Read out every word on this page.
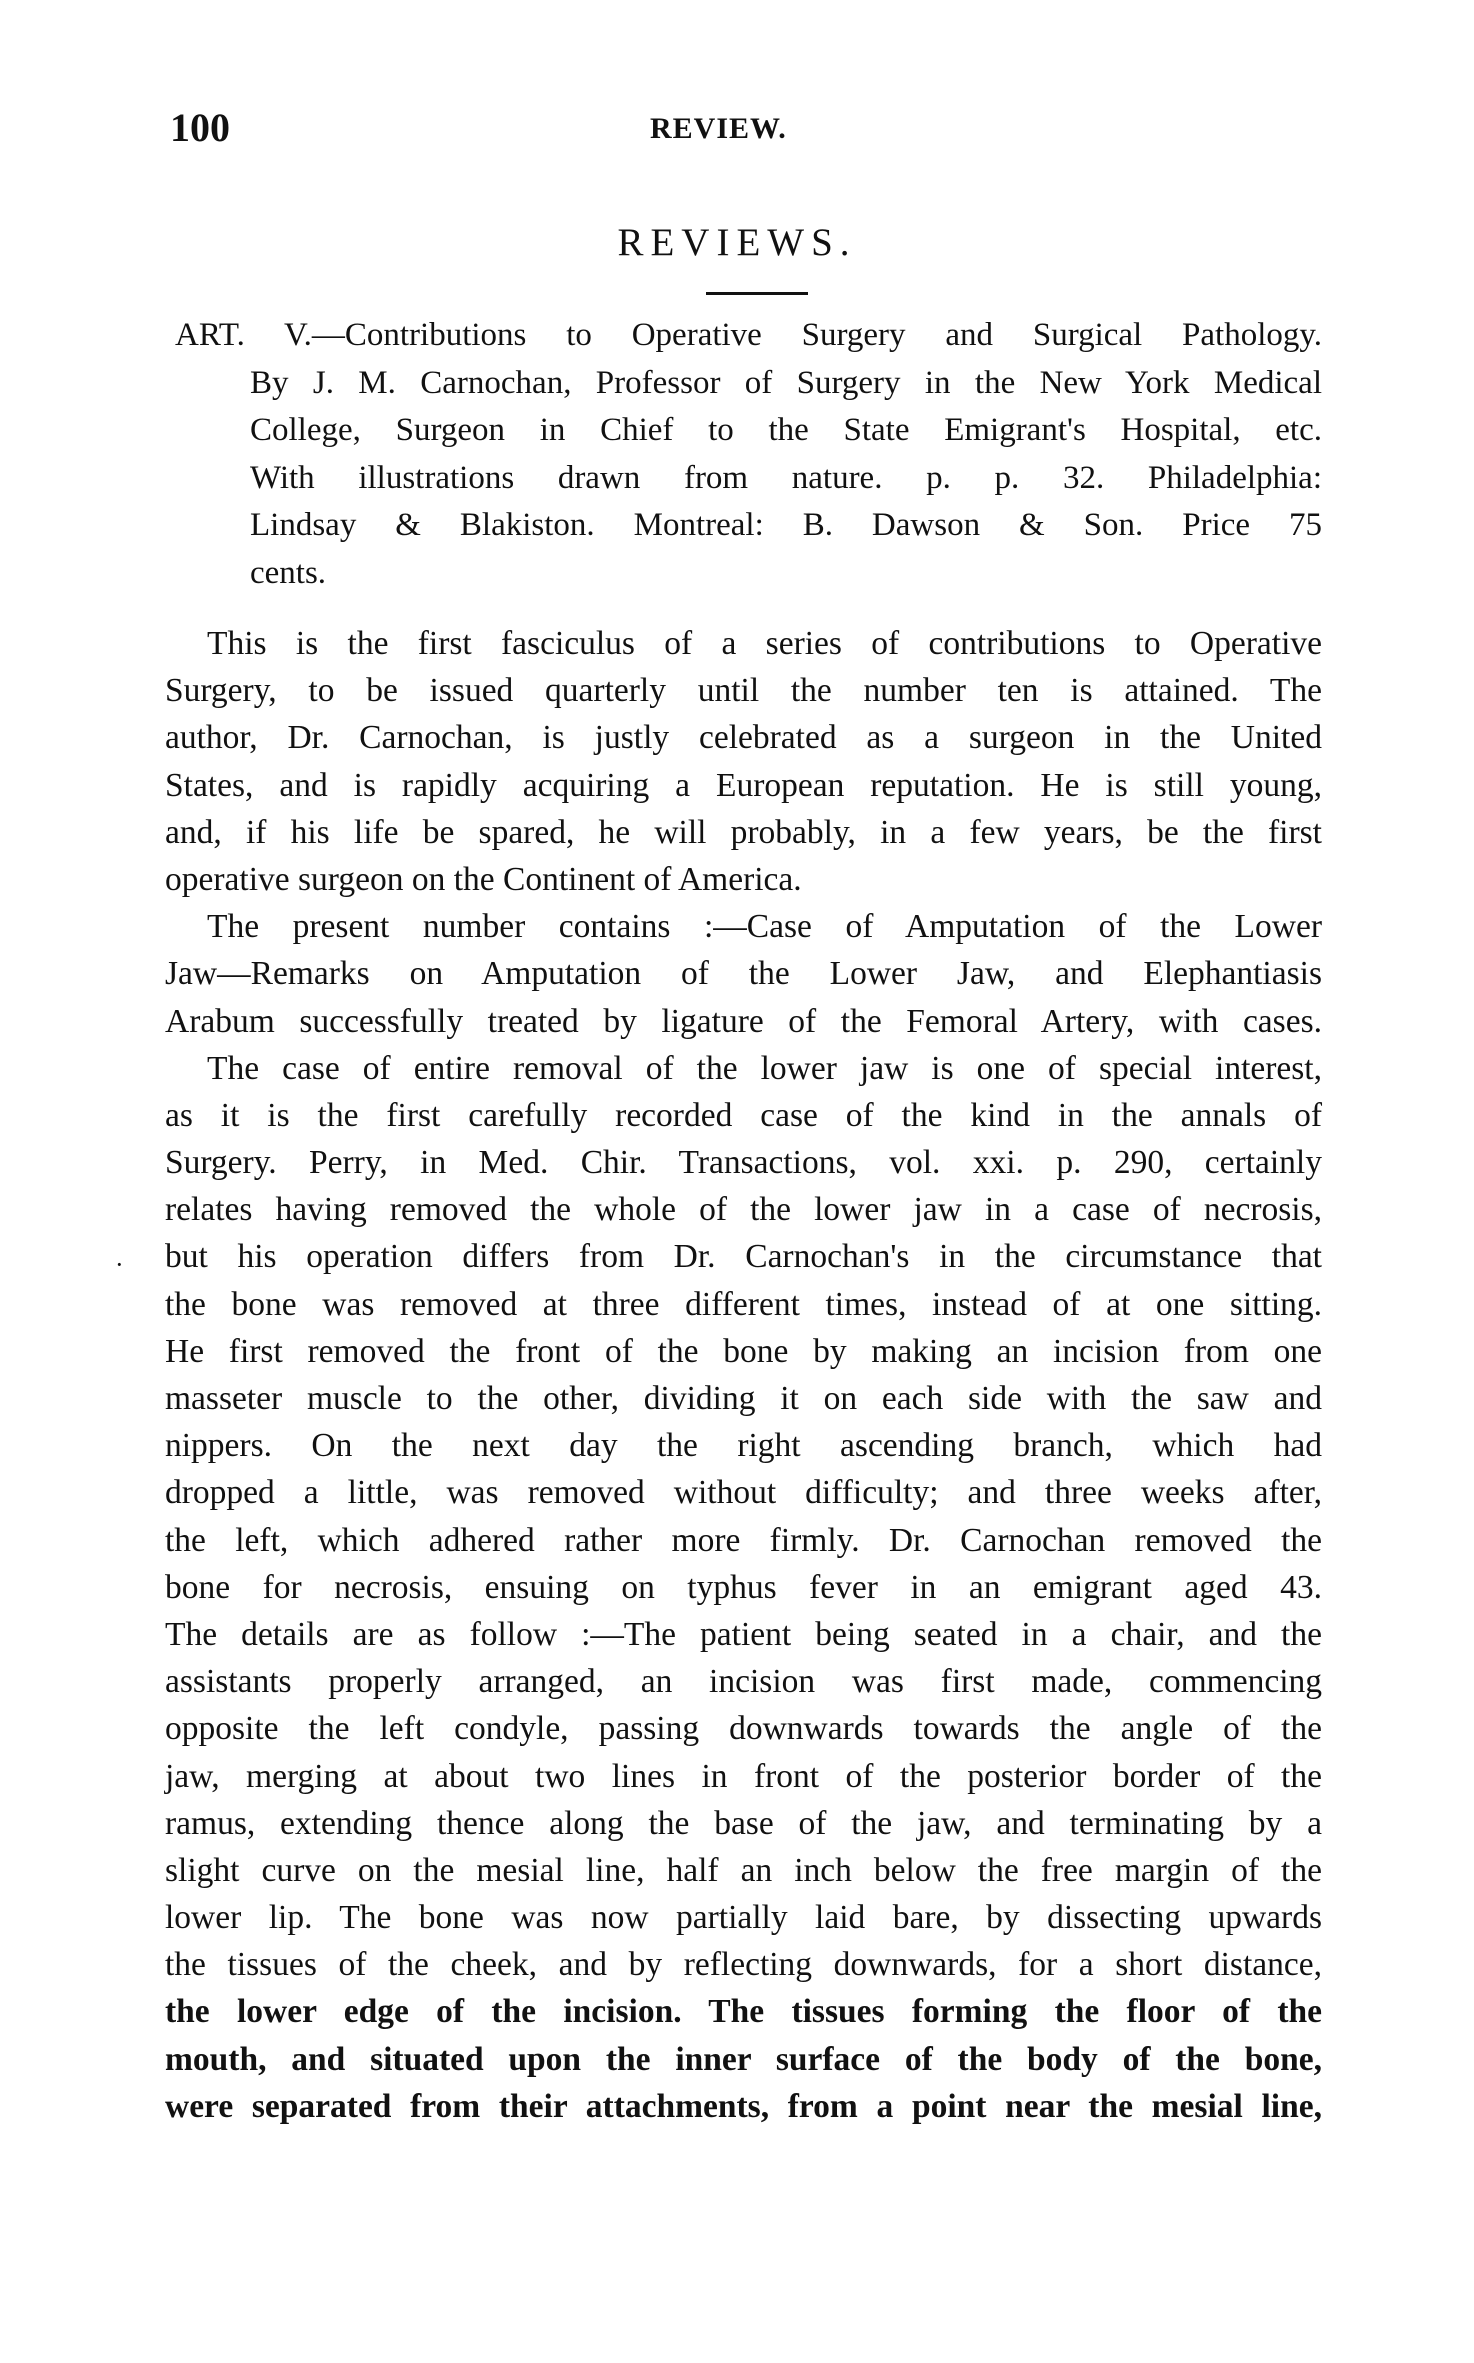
100	REVIEW.
REVIEWS.
ART. V.—Contributions to Operative Surgery and Surgical Pathology.
By J. M. Carnochan, Professor of Surgery in the New York Medical
College, Surgeon in Chief to the State Emigrant's Hospital, etc.
With illustrations drawn from nature. p. p. 32. Philadelphia:
Lindsay & Blakiston. Montreal: B. Dawson & Son. Price 75
cents.
·
This is the first fasciculus of a series of contributions to Operative
Surgery, to be issued quarterly until the number ten is attained. The
author, Dr. Carnochan, is justly celebrated as a surgeon in the United
States, and is rapidly acquiring a European reputation. He is still young,
and, if his life be spared, he will probably, in a few years, be the first
operative surgeon on the Continent of America.
The present number contains :—Case of Amputation of the Lower
Jaw—Remarks on Amputation of the Lower Jaw, and Elephantiasis
Arabum successfully treated by ligature of the Femoral Artery, with cases.
The case of entire removal of the lower jaw is one of special interest,
as it is the first carefully recorded case of the kind in the annals of
Surgery. Perry, in Med. Chir. Transactions, vol. xxi. p. 290, certainly
relates having removed the whole of the lower jaw in a case of necrosis,
but his operation differs from Dr. Carnochan's in the circumstance that
the bone was removed at three different times, instead of at one sitting.
He first removed the front of the bone by making an incision from one
masseter muscle to the other, dividing it on each side with the saw and
nippers. On the next day the right ascending branch, which had
dropped a little, was removed without difficulty; and three weeks after,
the left, which adhered rather more firmly. Dr. Carnochan removed the
bone for necrosis, ensuing on typhus fever in an emigrant aged 43.
The details are as follow :—The patient being seated in a chair, and the
assistants properly arranged, an incision was first made, commencing
opposite the left condyle, passing downwards towards the angle of the
jaw, merging at about two lines in front of the posterior border of the
ramus, extending thence along the base of the jaw, and terminating by a
slight curve on the mesial line, half an inch below the free margin of the
lower lip. The bone was now partially laid bare, by dissecting upwards
the tissues of the cheek, and by reflecting downwards, for a short distance,
the lower edge of the incision. The tissues forming the floor of the
mouth, and situated upon the inner surface of the body of the bone,
were separated from their attachments, from a point near the mesial line,
